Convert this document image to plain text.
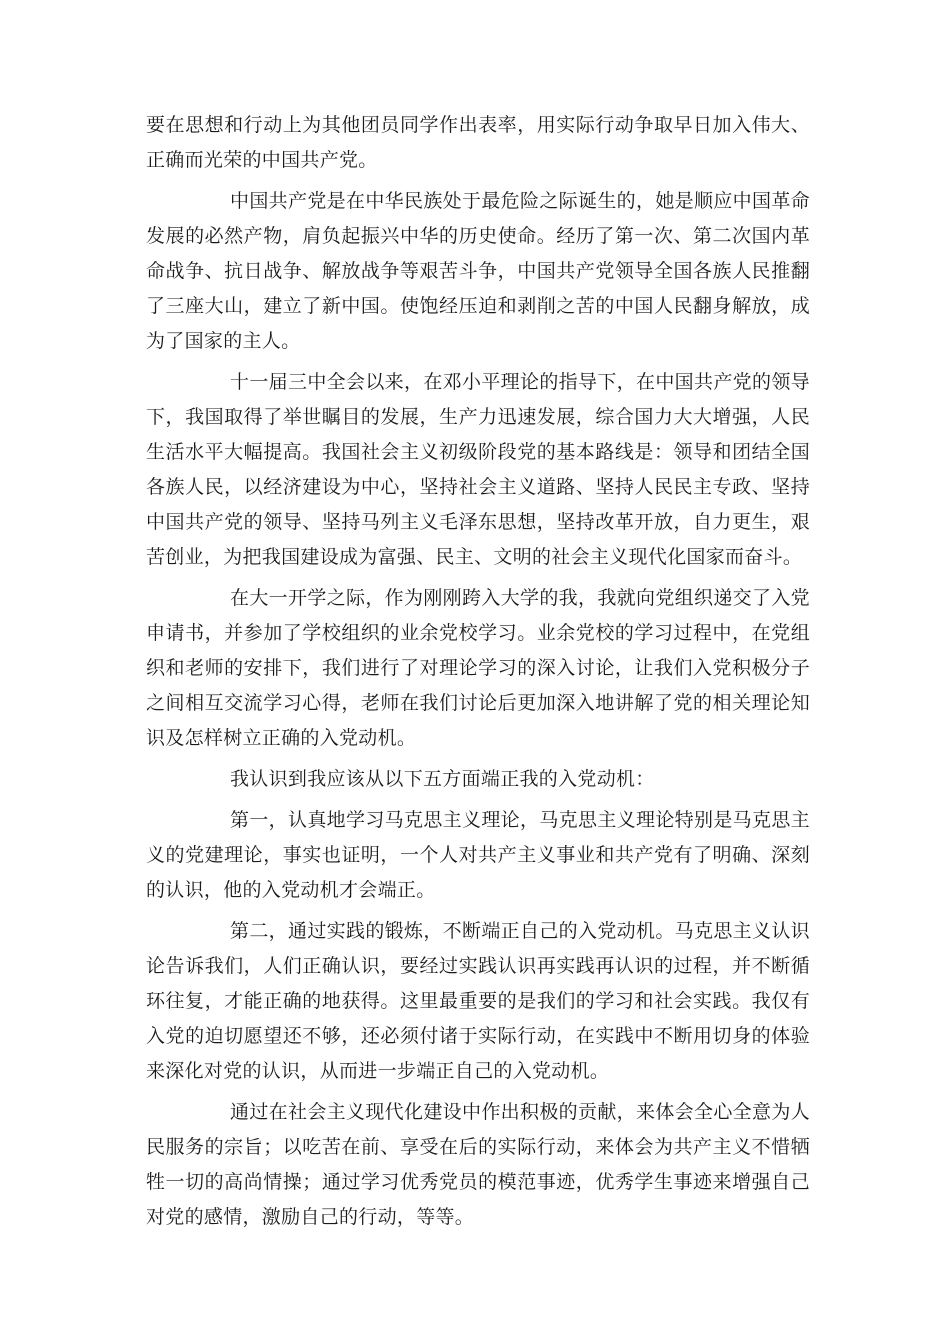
要在思想和行动上为其他团员同学作出表率，用实际行动争取早日加入伟大、正确而光荣的中国共产党。

中国共产党是在中华民族处于最危险之际诞生的，她是顺应中国革命发展的必然产物，肩负起振兴中华的历史使命。经历了第一次、第二次国内革命战争、抗日战争、解放战争等艰苦斗争，中国共产党领导全国各族人民推翻了三座大山，建立了新中国。使饱经压迫和剥削之苦的中国人民翻身解放，成为了国家的主人。

十一届三中全会以来，在邓小平理论的指导下，在中国共产党的领导下，我国取得了举世瞩目的发展，生产力迅速发展，综合国力大大增强，人民生活水平大幅提高。我国社会主义初级阶段党的基本路线是：领导和团结全国各族人民，以经济建设为中心，坚持社会主义道路、坚持人民民主专政、坚持中国共产党的领导、坚持马列主义毛泽东思想，坚持改革开放，自力更生，艰苦创业，为把我国建设成为富强、民主、文明的社会主义现代化国家而奋斗。

在大一开学之际，作为刚刚跨入大学的我，我就向党组织递交了入党申请书，并参加了学校组织的业余党校学习。业余党校的学习过程中，在党组织和老师的安排下，我们进行了对理论学习的深入讨论，让我们入党积极分子之间相互交流学习心得，老师在我们讨论后更加深入地讲解了党的相关理论知识及怎样树立正确的入党动机。

我认识到我应该从以下五方面端正我的入党动机：

第一，认真地学习马克思主义理论，马克思主义理论特别是马克思主义的党建理论，事实也证明，一个人对共产主义事业和共产党有了明确、深刻的认识，他的入党动机才会端正。

第二，通过实践的锻炼，不断端正自己的入党动机。马克思主义认识论告诉我们，人们正确认识，要经过实践认识再实践再认识的过程，并不断循环往复，才能正确的地获得。这里最重要的是我们的学习和社会实践。我仅有入党的迫切愿望还不够，还必须付诸于实际行动，在实践中不断用切身的体验来深化对党的认识，从而进一步端正自己的入党动机。

通过在社会主义现代化建设中作出积极的贡献，来体会全心全意为人民服务的宗旨；以吃苦在前、享受在后的实际行动，来体会为共产主义不惜牺牲一切的高尚情操；通过学习优秀党员的模范事迹，优秀学生事迹来增强自己对党的感情，激励自己的行动，等等。
